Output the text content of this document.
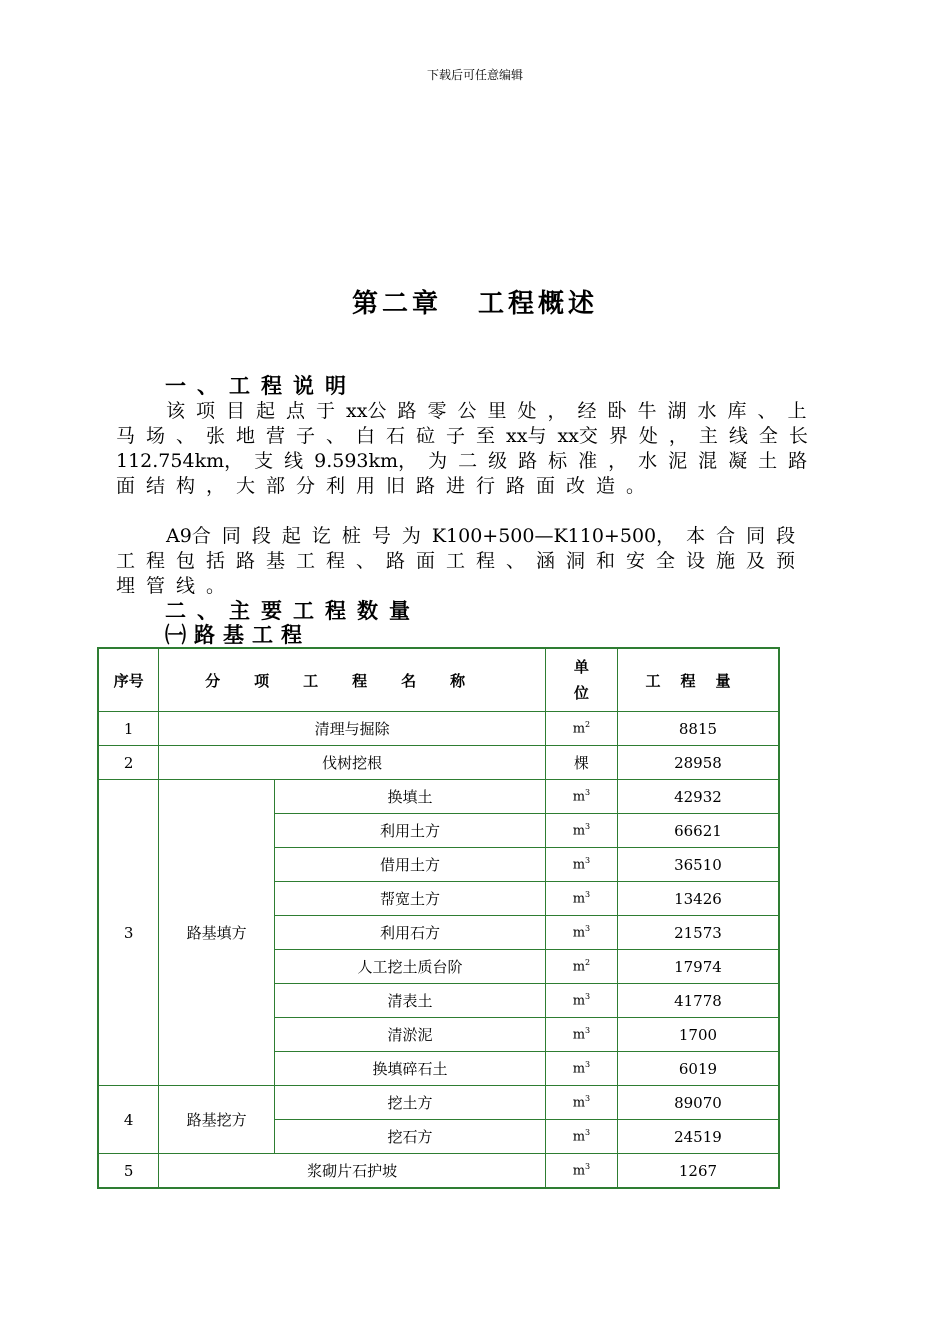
下载后可任意编辑
第二章 工程概述
一、工程说明
该项目起点于xx公路零公里处，经卧牛湖水库、上马场、张地营子、白石砬子至xx与xx交界处，主线全长112.754km，支线9.593km，为二级路标准，水泥混凝土路面结构，大部分利用旧路进行路面改造。
A9合同段起讫桩号为K100+500—K110+500，本合同段工程包括路基工程、路面工程、涵洞和安全设施及预埋管线。
二、主要工程数量
㈠路基工程
序号	分项工程名称		单位	工程量
1	清理与掘除		$m^2$	8815
2	伐树挖根		棵	28958
3	路基填方	换填土	$m^3$	42932
		利用土方	$m^3$	66621
		借用土方	$m^3$	36510
		帮宽土方	$m^3$	13426
		利用石方	$m^3$	21573
		人工挖土质台阶	$m^2$	17974
		清表土	$m^3$	41778
		清淤泥	$m^3$	1700
		换填碎石土	$m^3$	6019
4	路基挖方	挖土方	$m^3$	89070
		挖石方	$m^3$	24519
5	浆砌片石护坡		$m^3$	1267
